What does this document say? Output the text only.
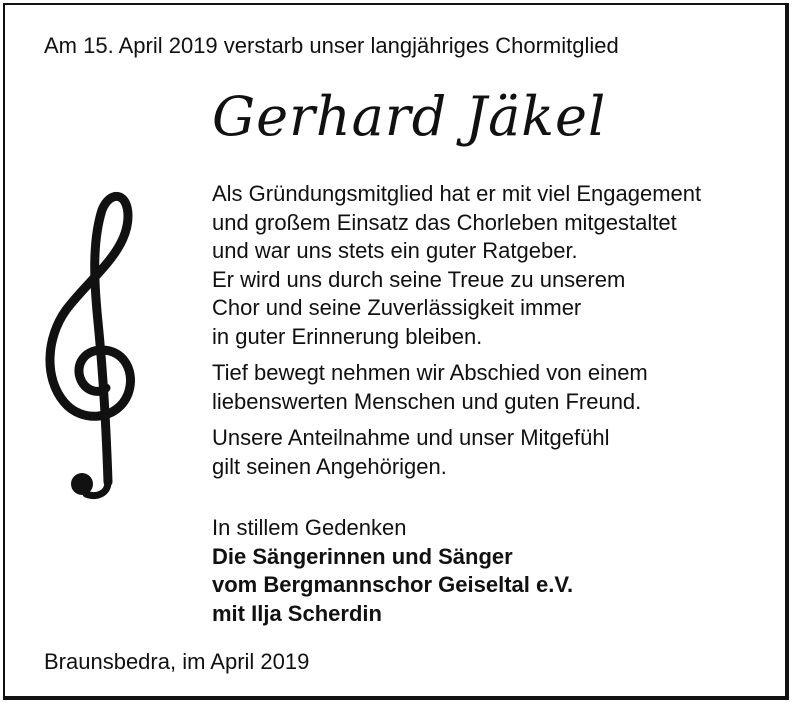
Am 15. April 2019 verstarb unser langjähriges Chormitglied
Gerhard Jäkel

Als Gründungsmitglied hat er mit viel Engagement
und großem Einsatz das Chorleben mitgestaltet
und war uns stets ein guter Ratgeber.
Er wird uns durch seine Treue zu unserem
Chor und seine Zuverlässigkeit immer
in guter Erinnerung bleiben.

Tief bewegt nehmen wir Abschied von einem
liebenswerten Menschen und guten Freund.

Unsere Anteilnahme und unser Mitgefühl
gilt seinen Angehörigen.

In stillem Gedenken
Die Sängerinnen und Sänger
vom Bergmannschor Geiseltal e.V.
mit Ilja Scherdin
Braunsbedra, im April 2019
